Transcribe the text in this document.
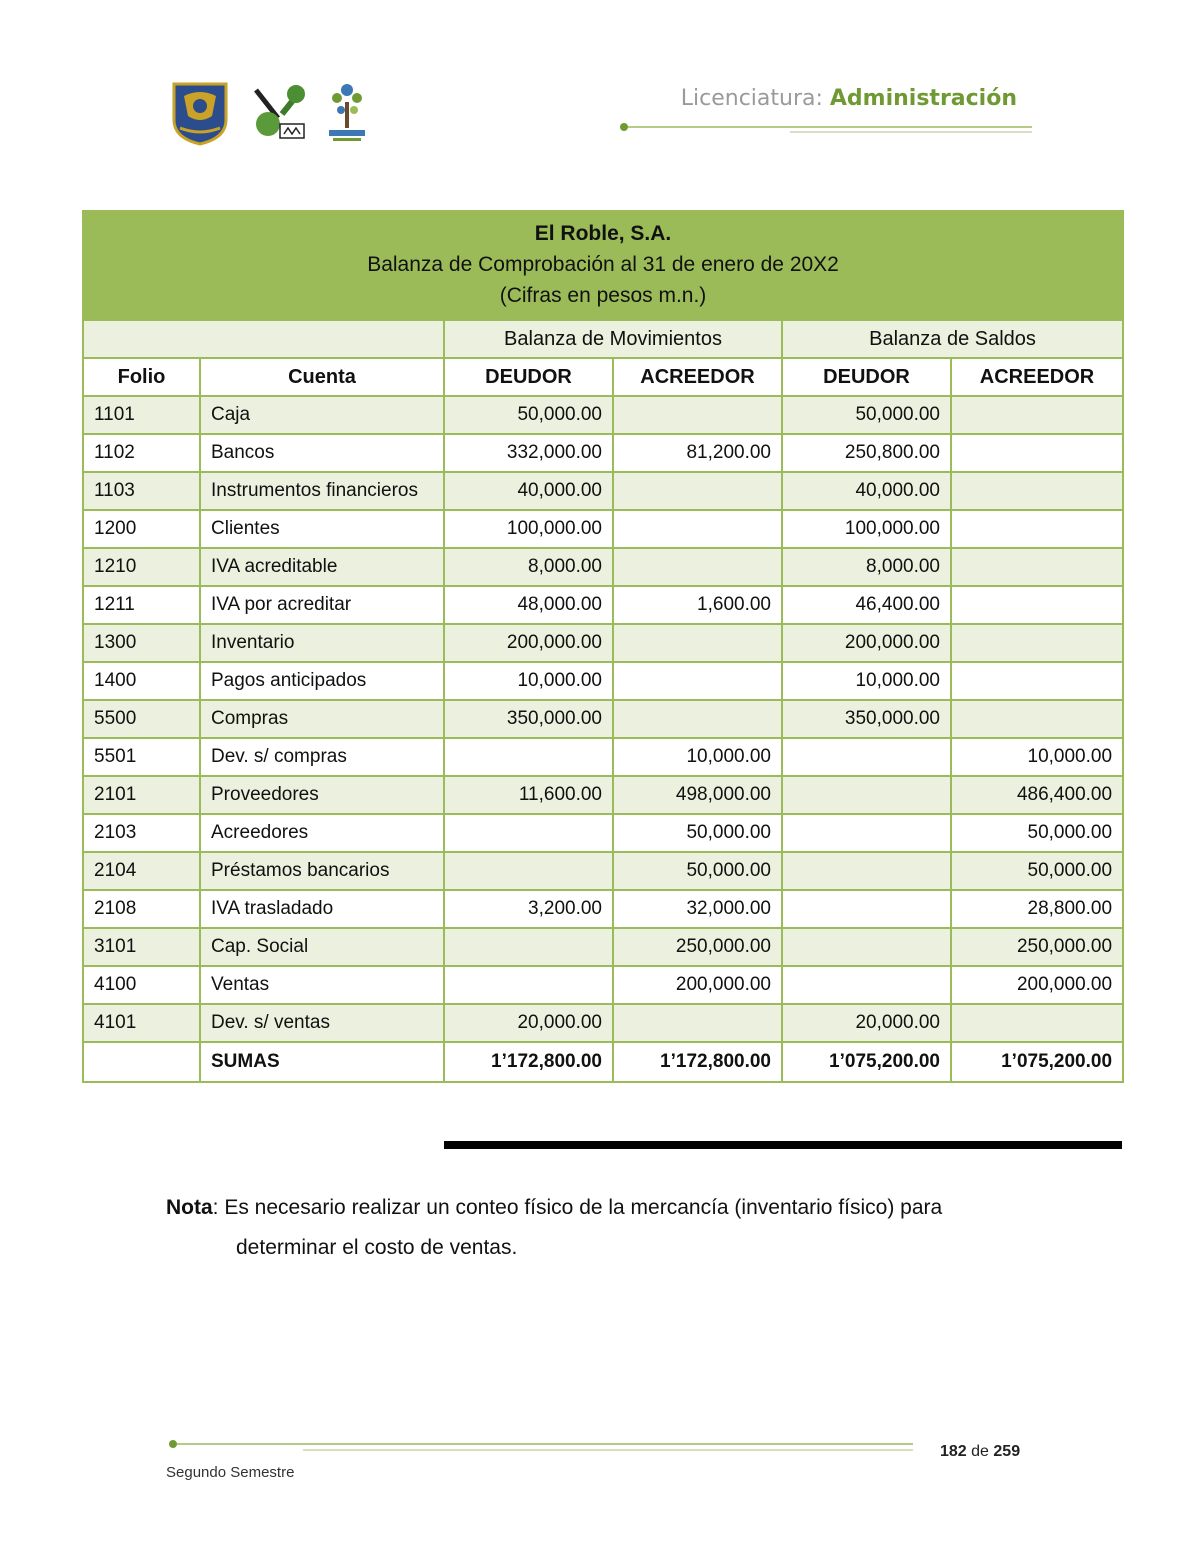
Licenciatura: Administración
El Roble, S.A.
Balanza de Comprobación al 31 de enero de 20X2
(Cifras en pesos m.n.)					

		Balanza de Movimientos		Balanza de Saldos	
Folio	Cuenta	DEUDOR	ACREEDOR	DEUDOR	ACREEDOR
1101	Caja	50,000.00		50,000.00	
1102	Bancos	332,000.00	81,200.00	250,800.00	
1103	Instrumentos financieros	40,000.00		40,000.00	
1200	Clientes	100,000.00		100,000.00	
1210	IVA acreditable	8,000.00		8,000.00	
1211	IVA por acreditar	48,000.00	1,600.00	46,400.00	
1300	Inventario	200,000.00		200,000.00	
1400	Pagos anticipados	10,000.00		10,000.00	
5500	Compras	350,000.00		350,000.00	
5501	Dev. s/ compras		10,000.00		10,000.00
2101	Proveedores	11,600.00	498,000.00		486,400.00
2103	Acreedores		50,000.00		50,000.00
2104	Préstamos bancarios		50,000.00		50,000.00
2108	IVA trasladado	3,200.00	32,000.00		28,800.00
3101	Cap. Social		250,000.00		250,000.00
4100	Ventas		200,000.00		200,000.00
4101	Dev. s/ ventas	20,000.00		20,000.00	
	SUMAS	1’172,800.00	1’172,800.00	1’075,200.00	1’075,200.00
Nota: Es necesario realizar un conteo físico de la mercancía (inventario físico) para
determinar el costo de ventas.
182 de 259
Segundo Semestre
